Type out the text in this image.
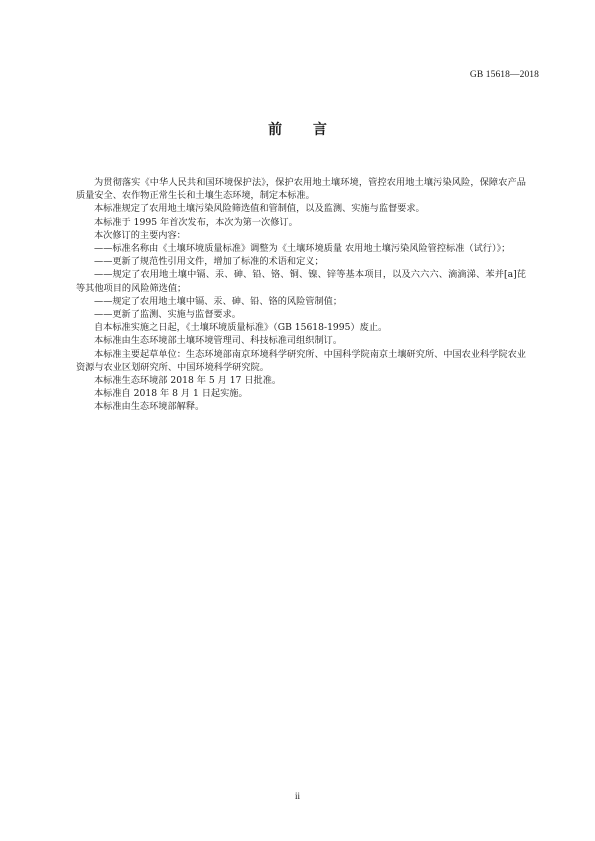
GB 15618—2018
前 言

为贯彻落实《中华人民共和国环境保护法》，保护农用地土壤环境，管控农用地土壤污染风险，保障农产品质量安全、农作物正常生长和土壤生态环境，制定本标准。

本标准规定了农用地土壤污染风险筛选值和管制值，以及监测、实施与监督要求。

本标准于 1995 年首次发布，本次为第一次修订。

本次修订的主要内容：

——标准名称由《土壤环境质量标准》调整为《土壤环境质量 农用地土壤污染风险管控标准（试行）》；

——更新了规范性引用文件，增加了标准的术语和定义；

——规定了农用地土壤中镉、汞、砷、铅、铬、铜、镍、锌等基本项目，以及六六六、滴滴涕、苯并[a]芘等其他项目的风险筛选值；

——规定了农用地土壤中镉、汞、砷、铅、铬的风险管制值；

——更新了监测、实施与监督要求。

自本标准实施之日起，《土壤环境质量标准》（GB 15618-1995）废止。

本标准由生态环境部土壤环境管理司、科技标准司组织制订。

本标准主要起草单位：生态环境部南京环境科学研究所、中国科学院南京土壤研究所、中国农业科学院农业资源与农业区划研究所、中国环境科学研究院。

本标准生态环境部 2018 年 5 月 17 日批准。

本标准自 2018 年 8 月 1 日起实施。

本标准由生态环境部解释。

ii
